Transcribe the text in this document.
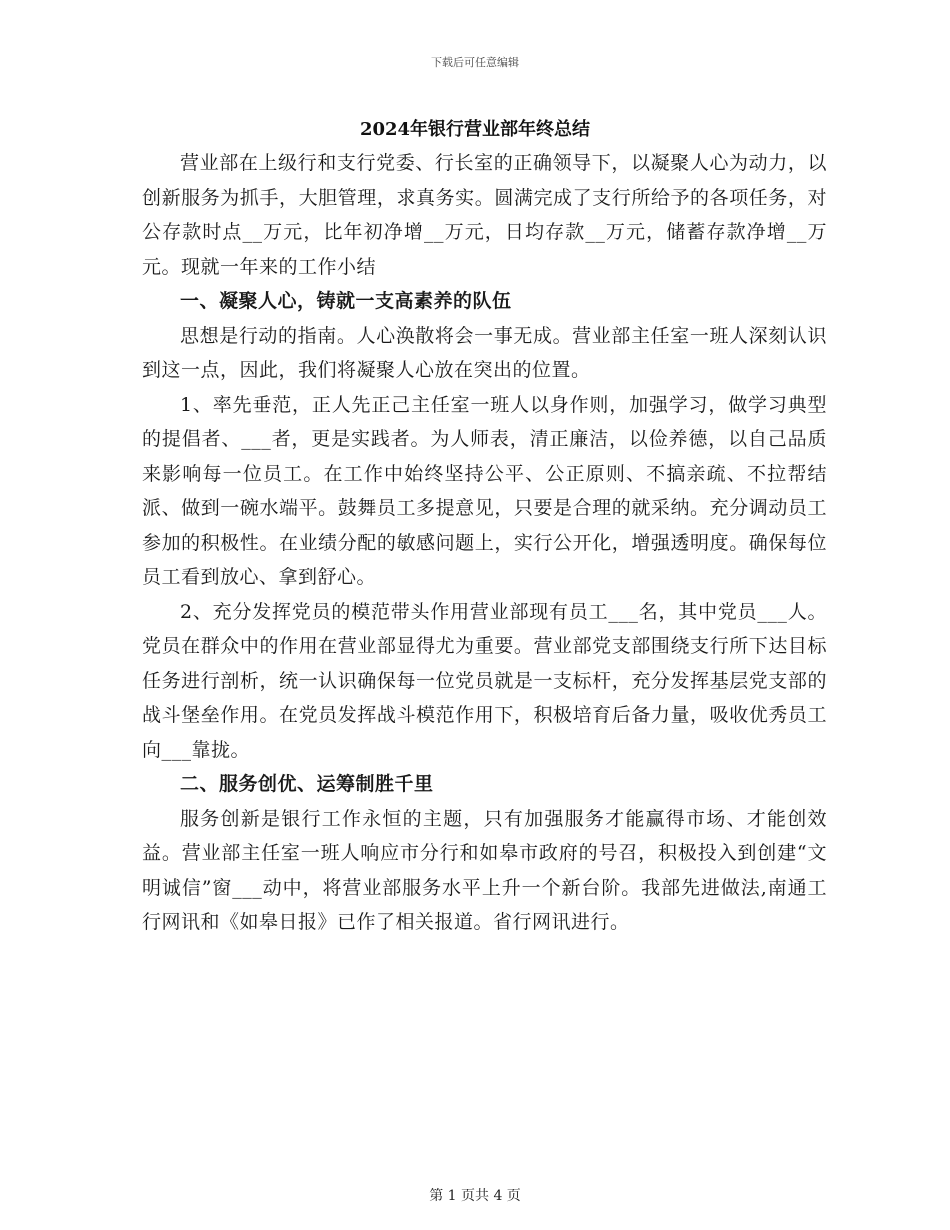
下载后可任意编辑
2024年银行营业部年终总结

营业部在上级行和支行党委、行长室的正确领导下，以凝聚人心为动力，以创新服务为抓手，大胆管理，求真务实。圆满完成了支行所给予的各项任务，对公存款时点__万元，比年初净增__万元，日均存款__万元，储蓄存款净增__万元。现就一年来的工作小结

一、凝聚人心，铸就一支高素养的队伍

思想是行动的指南。人心涣散将会一事无成。营业部主任室一班人深刻认识到这一点，因此，我们将凝聚人心放在突出的位置。

1、率先垂范，正人先正己主任室一班人以身作则，加强学习，做学习典型的提倡者、___者，更是实践者。为人师表，清正廉洁，以俭养德，以自己品质来影响每一位员工。在工作中始终坚持公平、公正原则、不搞亲疏、不拉帮结派、做到一碗水端平。鼓舞员工多提意见，只要是合理的就采纳。充分调动员工参加的积极性。在业绩分配的敏感问题上，实行公开化，增强透明度。确保每位员工看到放心、拿到舒心。

2、充分发挥党员的模范带头作用营业部现有员工___名，其中党员___人。党员在群众中的作用在营业部显得尤为重要。营业部党支部围绕支行所下达目标任务进行剖析，统一认识确保每一位党员就是一支标杆，充分发挥基层党支部的战斗堡垒作用。在党员发挥战斗模范作用下，积极培育后备力量，吸收优秀员工向___靠拢。

二、服务创优、运筹制胜千里

服务创新是银行工作永恒的主题，只有加强服务才能赢得市场、才能创效益。营业部主任室一班人响应市分行和如皋市政府的号召，积极投入到创建“文明诚信”窗___动中，将营业部服务水平上升一个新台阶。我部先进做法,南通工行网讯和《如皋日报》已作了相关报道。省行网讯进行。

第 1 页共 4 页
